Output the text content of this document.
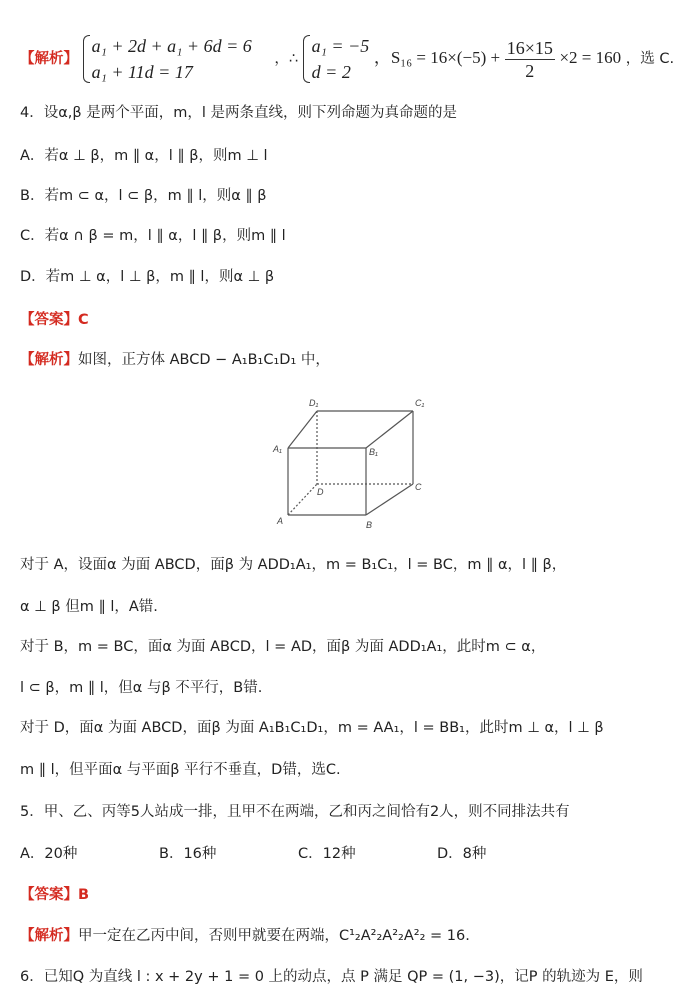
【解析】
a₁ + 2d + a₁ + 6d = 6
a₁ + 11d = 17
，∴
a₁ = −5
d = 2
，$S_{16} = 16\times(-5) + \frac{16\times 15}{2} \times 2 = 160$ ，选 C.
4．设α,β 是两个平面，m，l 是两条直线，则下列命题为真命题的是
A．若α ⊥ β，m ∥ α，l ∥ β，则m ⊥ l
B．若m ⊂ α，l ⊂ β，m ∥ l，则α ∥ β
C．若α ∩ β = m，l ∥ α，l ∥ β，则m ∥ l
D．若m ⊥ α，l ⊥ β，m ∥ l，则α ⊥ β
【答案】C
【解析】如图，正方体 ABCD − A₁B₁C₁D₁ 中，
D₁	C₁
A₁	B₁
D	C
A	B
对于 A，设面α 为面 ABCD，面β 为 ADD₁A₁，m = B₁C₁，l = BC，m ∥ α，l ∥ β，
α ⊥ β 但m ∥ l，A错.
对于 B，m = BC，面α 为面 ABCD，l = AD，面β 为面 ADD₁A₁，此时m ⊂ α，
l ⊂ β，m ∥ l，但α 与β 不平行，B错.
对于 D，面α 为面 ABCD，面β 为面 A₁B₁C₁D₁，m = AA₁，l = BB₁，此时m ⊥ α，l ⊥ β
m ∥ l，但平面α 与平面β 平行不垂直，D错，选C.
5．甲、乙、丙等5人站成一排，且甲不在两端，乙和丙之间恰有2人，则不同排法共有
A．20种	B．16种	C．12种	D．8种
【答案】B
【解析】甲一定在乙丙中间，否则甲就要在两端，C¹₂A²₂A²₂A²₂ = 16.
6．已知Q 为直线 l : x + 2y + 1 = 0 上的动点，点 P 满足 QP = (1, −3)，记P 的轨迹为 E，则
